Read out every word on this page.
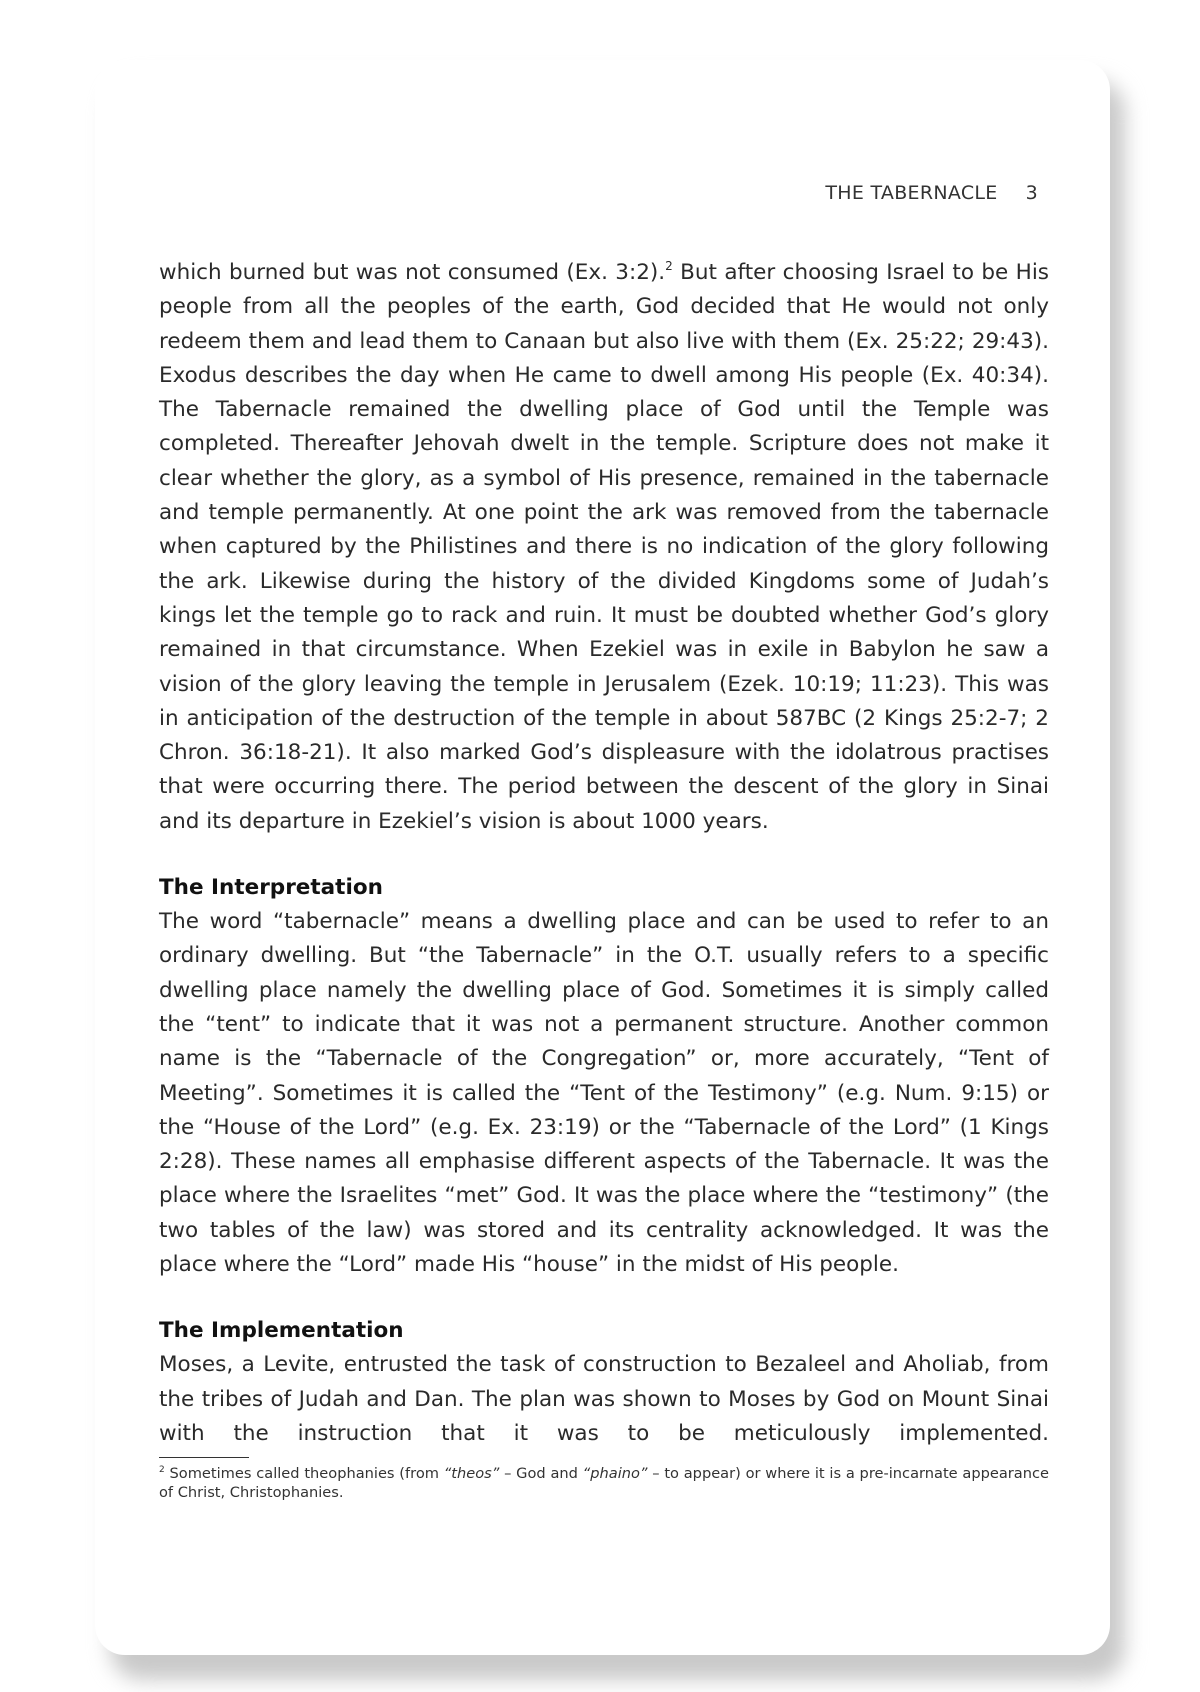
THE TABERNACLE 3

which burned but was not consumed (Ex. 3:2).$^2$ But after choosing Israel to be His people from all the peoples of the earth, God decided that He would not only redeem them and lead them to Canaan but also live with them (Ex. 25:22; 29:43). Exodus describes the day when He came to dwell among His people (Ex. 40:34). The Tabernacle remained the dwelling place of God until the Temple was completed. Thereafter Jehovah dwelt in the temple. Scripture does not make it clear whether the glory, as a symbol of His presence, remained in the tabernacle and temple permanently. At one point the ark was removed from the tabernacle when captured by the Philistines and there is no indication of the glory following the ark. Likewise during the history of the divided Kingdoms some of Judah’s kings let the temple go to rack and ruin. It must be doubted whether God’s glory remained in that circumstance. When Ezekiel was in exile in Babylon he saw a vision of the glory leaving the temple in Jerusalem (Ezek. 10:19; 11:23). This was in anticipation of the destruction of the temple in about 587BC (2 Kings 25:2-7; 2 Chron. 36:18-21). It also marked God’s displeasure with the idolatrous practises that were occurring there. The period between the descent of the glory in Sinai and its departure in Ezekiel’s vision is about 1000 years.

The Interpretation

The word “tabernacle” means a dwelling place and can be used to refer to an ordinary dwelling. But “the Tabernacle” in the O.T. usually refers to a specific dwelling place namely the dwelling place of God. Sometimes it is simply called the “tent” to indicate that it was not a permanent structure. Another common name is the “Tabernacle of the Congregation” or, more accurately, “Tent of Meeting”. Sometimes it is called the “Tent of the Testimony” (e.g. Num. 9:15) or the “House of the Lord” (e.g. Ex. 23:19) or the “Tabernacle of the Lord” (1 Kings 2:28). These names all emphasise different aspects of the Tabernacle. It was the place where the Israelites “met” God. It was the place where the “testimony” (the two tables of the law) was stored and its centrality acknowledged. It was the place where the “Lord” made His “house” in the midst of His people.

The Implementation

Moses, a Levite, entrusted the task of construction to Bezaleel and Aholiab, from the tribes of Judah and Dan. The plan was shown to Moses by God on Mount Sinai with the instruction that it was to be meticulously implemented.

$^2$ Sometimes called theophanies (from “theos” – God and “phaino” – to appear) or where it is a pre-incarnate appearance of Christ, Christophanies.
